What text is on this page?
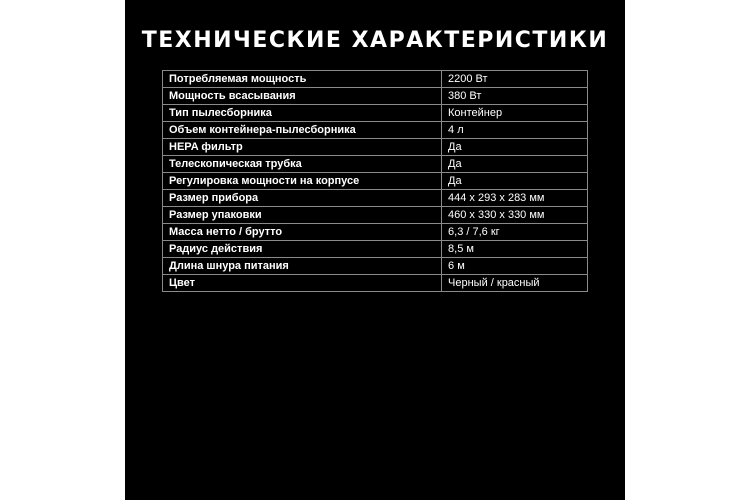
ТЕХНИЧЕСКИЕ ХАРАКТЕРИСТИКИ
Потребляемая мощность	2200 Вт
Мощность всасывания	380 Вт
Тип пылесборника	Контейнер
Объем контейнера-пылесборника	4 л
HEPA фильтр	Да
Телескопическая трубка	Да
Регулировка мощности на корпусе	Да
Размер прибора	444 x 293 x 283 мм
Размер упаковки	460 x 330 x 330 мм
Масса нетто / брутто	6,3 / 7,6 кг
Радиус действия	8,5 м
Длина шнура питания	6 м
Цвет	Черный / красный
